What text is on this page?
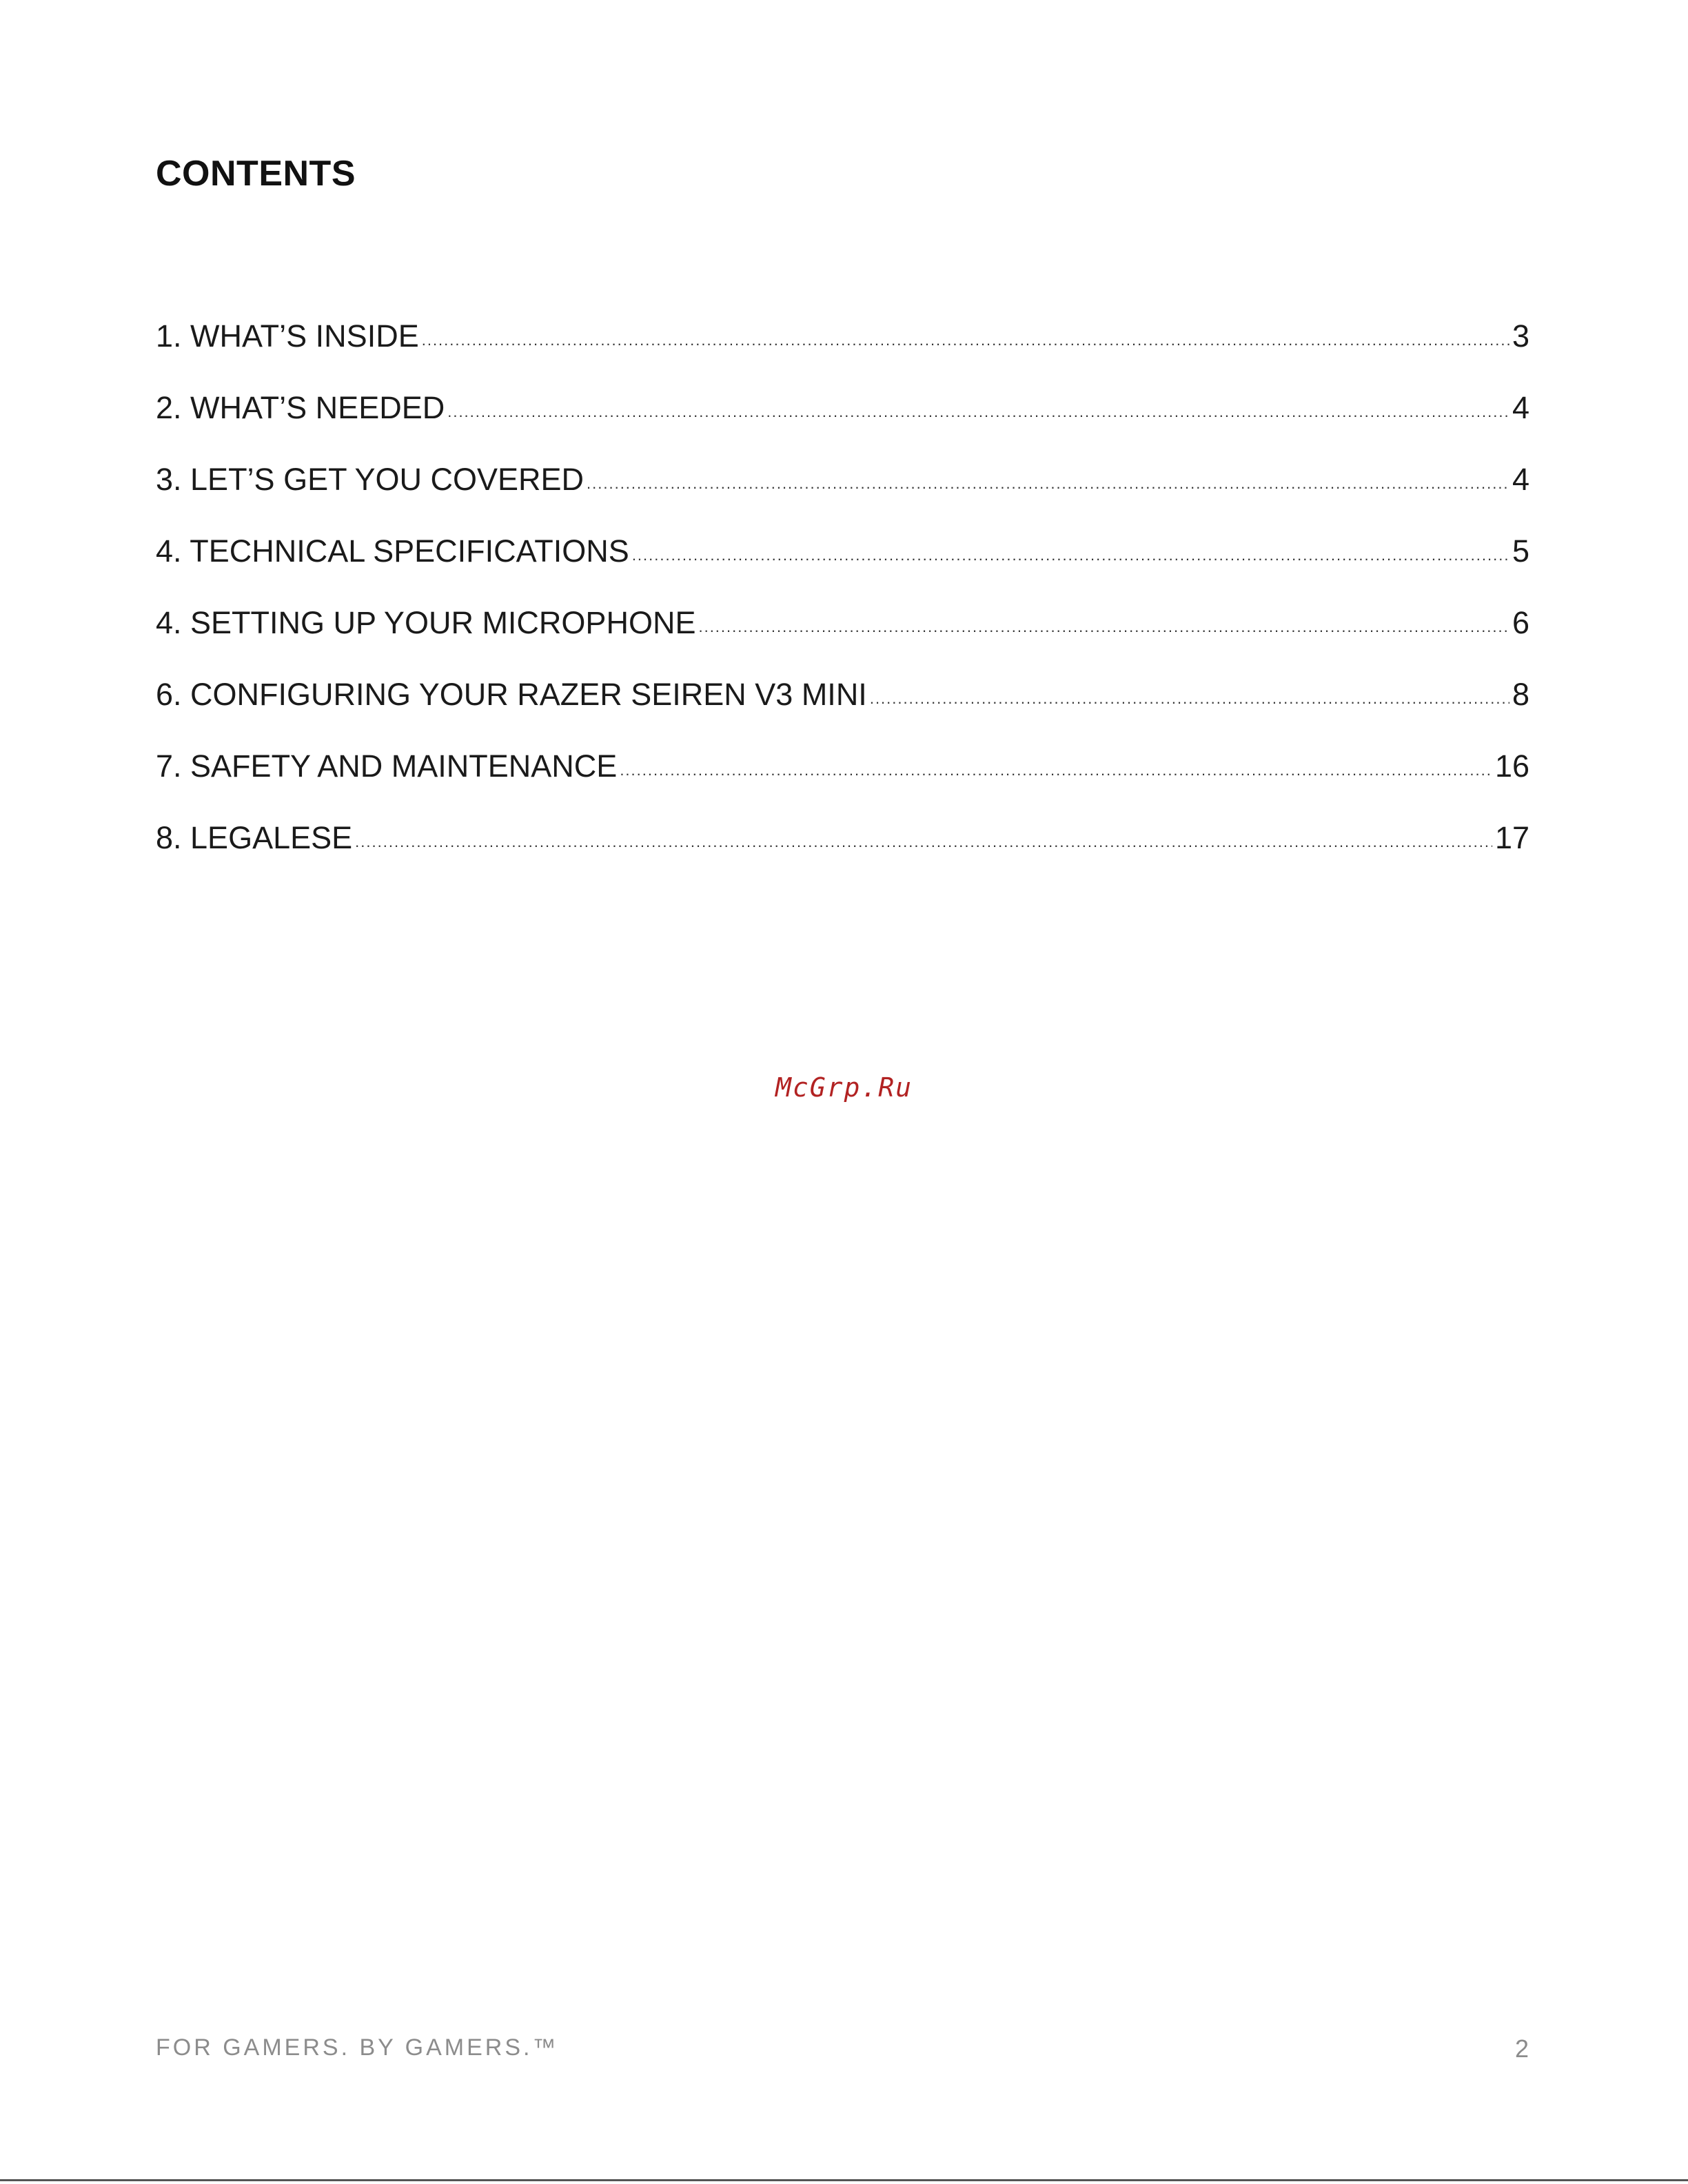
CONTENTS
1. WHAT’S INSIDE .....	3
2. WHAT’S NEEDED .....	4
3. LET’S GET YOU COVERED .....	4
4. TECHNICAL SPECIFICATIONS .....	5
4. SETTING UP YOUR MICROPHONE .....	6
6. CONFIGURING YOUR RAZER SEIREN V3 MINI .....	8
7. SAFETY AND MAINTENANCE .....	16
8. LEGALESE .....	17
McGrp.Ru
FOR GAMERS. BY GAMERS.™	2
